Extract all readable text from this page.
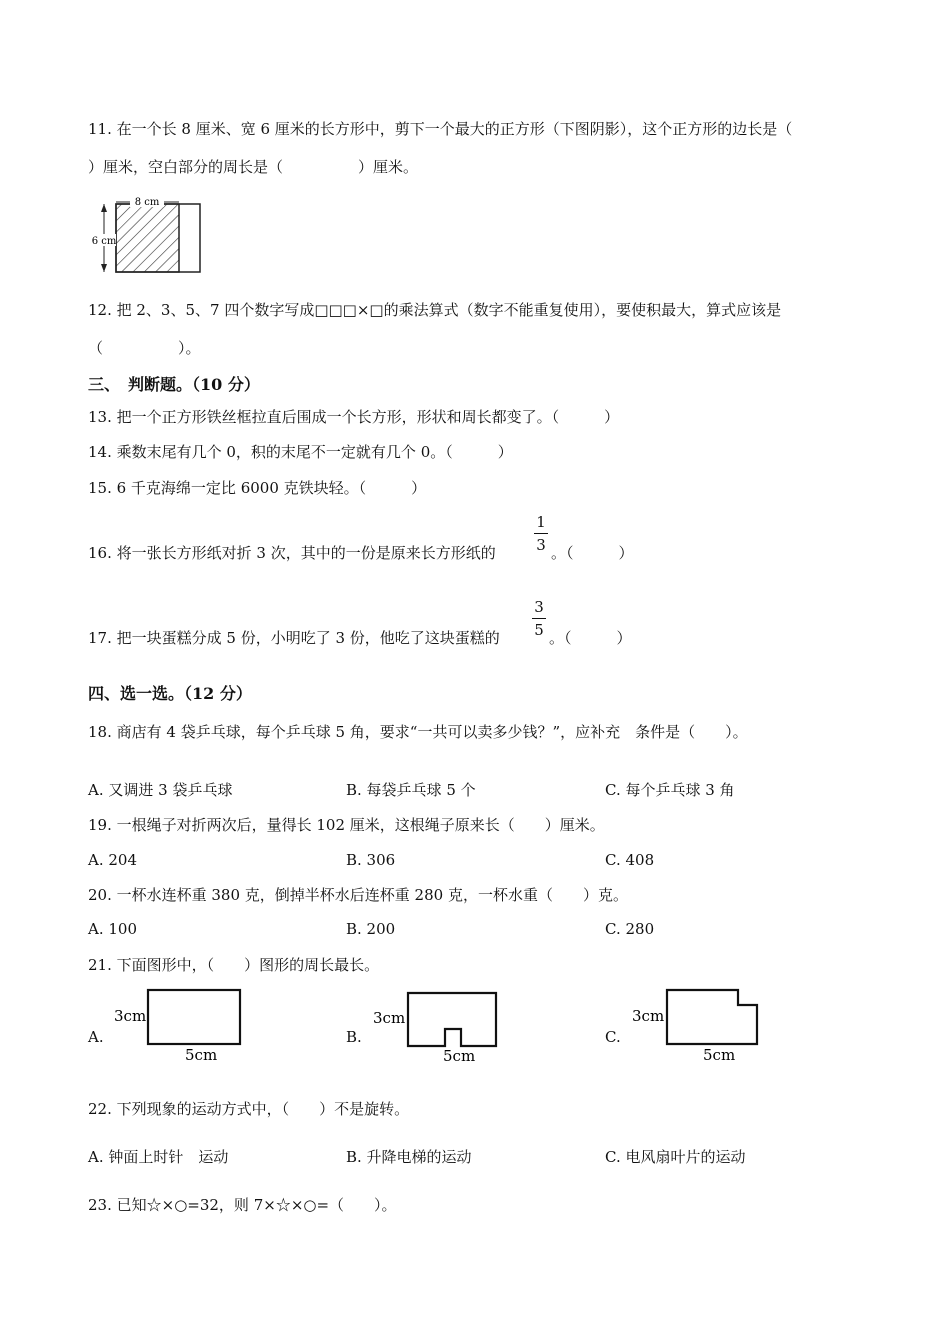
11. 在一个长 8 厘米、宽 6 厘米的长方形中，剪下一个最大的正方形（下图阴影），这个正方形的边长是（
）厘米，空白部分的周长是（　　　　　）厘米。
8 cm
6 cm
12. 把 2、3、5、7 四个数字写成□□□×□的乘法算式（数字不能重复使用），要使积最大，算式应该是
（　　　　　）。
三、　判断题。（10 分）
13. 把一个正方形铁丝框拉直后围成一个长方形，形状和周长都变了。（　　　）
14. 乘数末尾有几个 0，积的末尾不一定就有几个 0。（　　　）
15. 6 千克海绵一定比 6000 克铁块轻。（　　　）
16. 将一张长方形纸对折 3 次，其中的一份是原来长方形纸的
1
3 。（　　　）
17. 把一块蛋糕分成 5 份，小明吃了 3 份，他吃了这块蛋糕的
3
5 。（　　　）
四、选一选。（12 分）
18. 商店有 4 袋乒乓球，每个乒乓球 5 角，要求“一共可以卖多少钱？”，应补充　条件是（　　）。
A. 又调进 3 袋乒乓球	B. 每袋乒乓球 5 个	C. 每个乒乓球 3 角
19. 一根绳子对折两次后，量得长 102 厘米，这根绳子原来长（　　）厘米。
A. 204	B. 306	C. 408
20. 一杯水连杯重 380 克，倒掉半杯水后连杯重 280 克，一杯水重（　　）克。
A. 100	B. 200	C. 280
21. 下面图形中，（　　）图形的周长最长。
A.
3cm
5cm
B.
3cm
5cm
C.
3cm
5cm
22. 下列现象的运动方式中，（　　）不是旋转。
A. 钟面上时针　运动	B. 升降电梯的运动	C. 电风扇叶片的运动
23. 已知☆×○=32，则 7×☆×○=（　　）。
